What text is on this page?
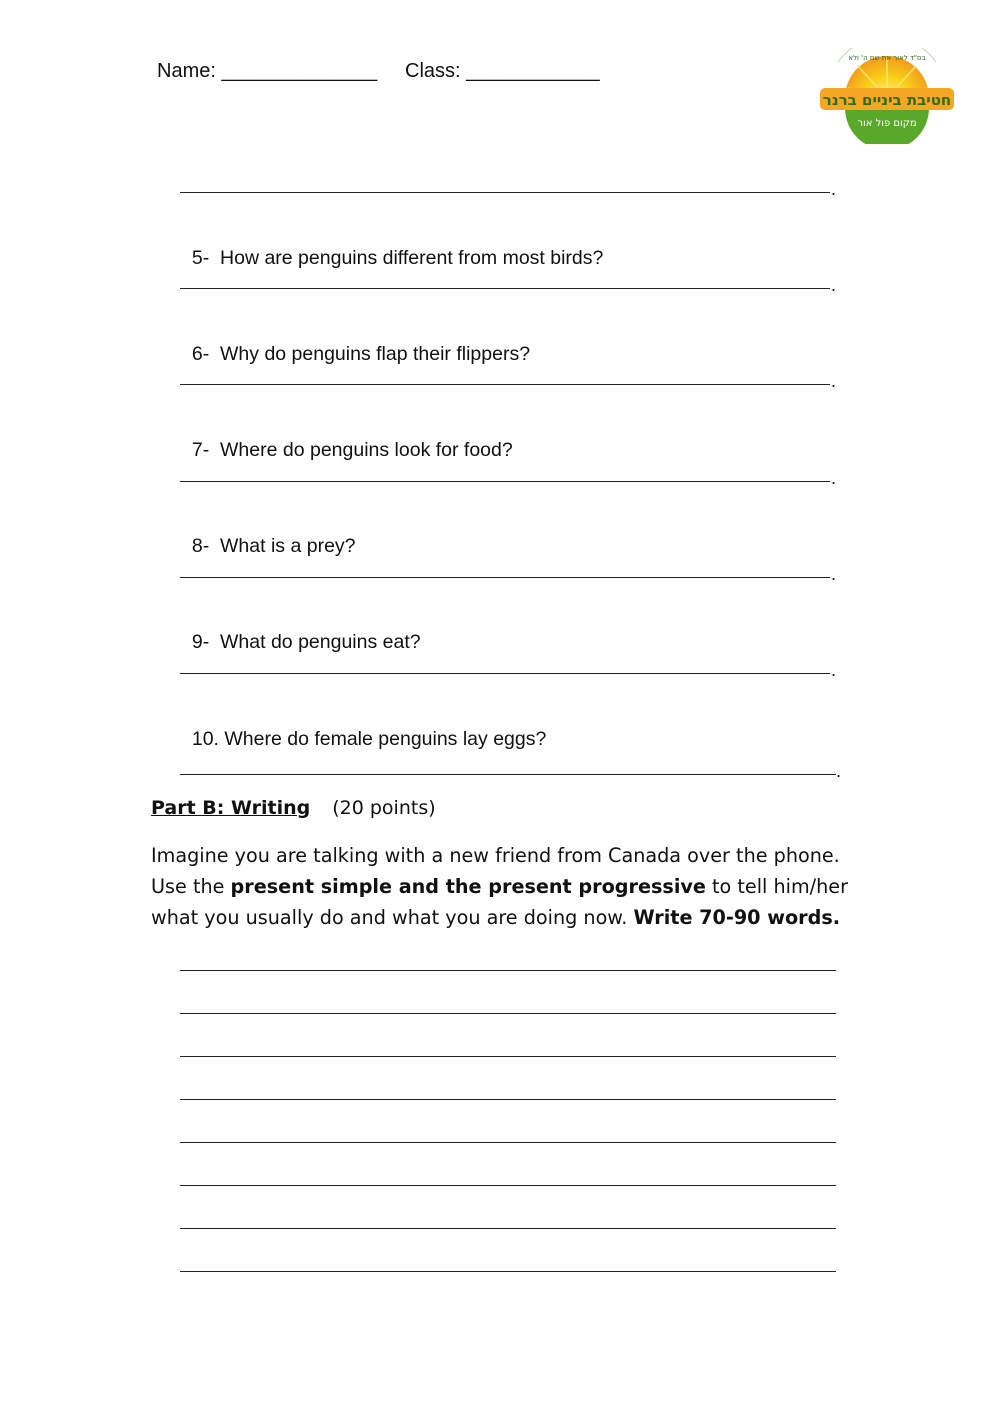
Name: ______________ Class: ____________
בס"ד לאור את שם ה' ולא
חטיבת ביניים ברנר
מקום פול אור
.

5- How are penguins different from most birds?

.

6- Why do penguins flap their flippers?

.

7- Where do penguins look for food?

.

8- What is a prey?

.

9- What do penguins eat?

.

10. Where do female penguins lay eggs?

.
Part B: Writing (20 points)
Imagine you are talking with a new friend from Canada over the phone. Use the present simple and the present progressive to tell him/her what you usually do and what you are doing now. Write 70-90 words.
